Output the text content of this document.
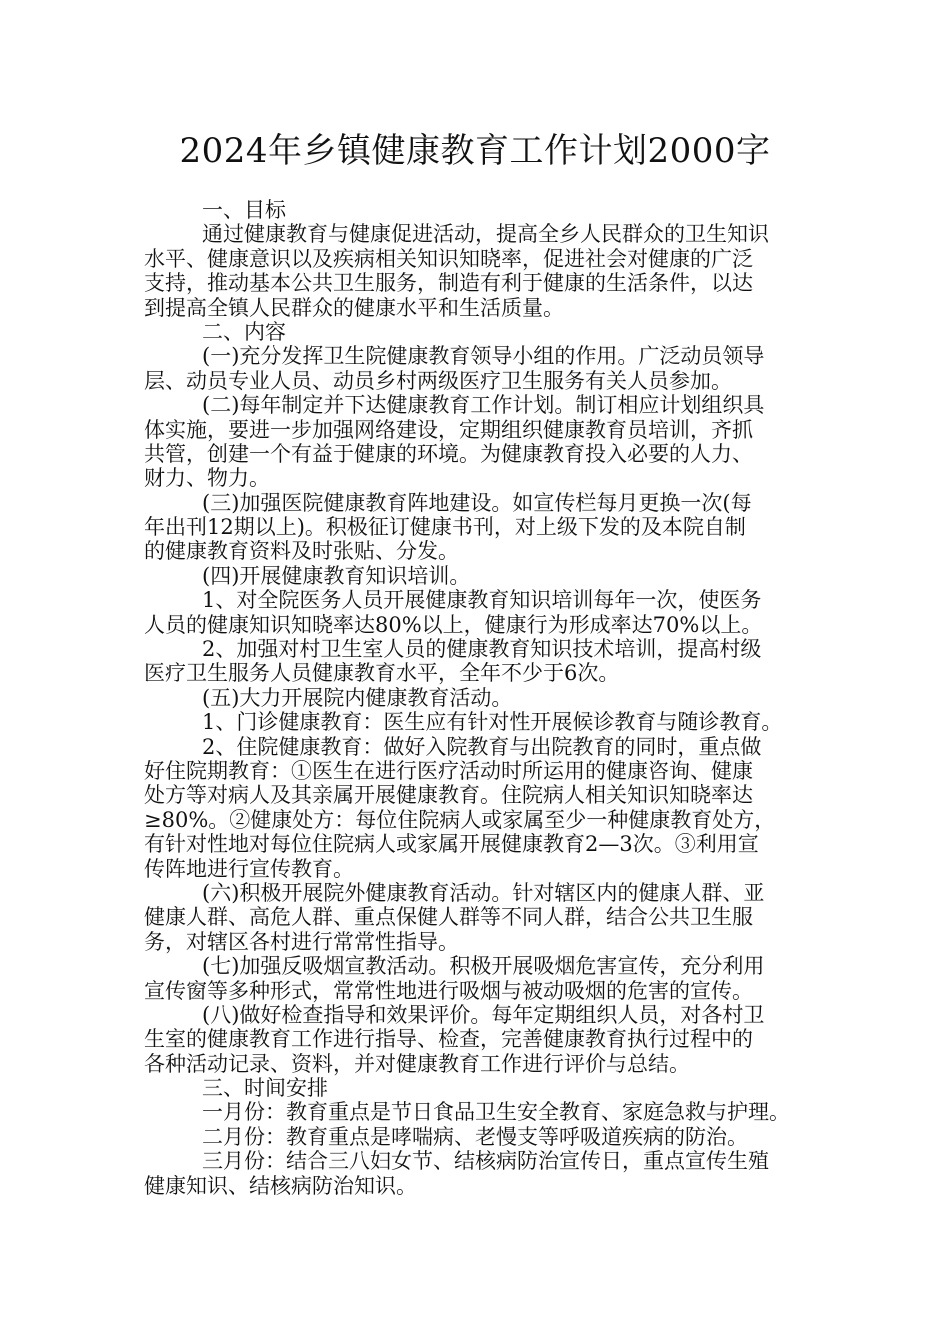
2024年乡镇健康教育工作计划2000字
一、目标
通过健康教育与健康促进活动，提高全乡人民群众的卫生知识
水平、健康意识以及疾病相关知识知晓率，促进社会对健康的广泛
支持，推动基本公共卫生服务，制造有利于健康的生活条件，以达
到提高全镇人民群众的健康水平和生活质量。
二、内容
(一)充分发挥卫生院健康教育领导小组的作用。广泛动员领导
层、动员专业人员、动员乡村两级医疗卫生服务有关人员参加。
(二)每年制定并下达健康教育工作计划。制订相应计划组织具
体实施，要进一步加强网络建设，定期组织健康教育员培训，齐抓
共管，创建一个有益于健康的环境。为健康教育投入必要的人力、
财力、物力。
(三)加强医院健康教育阵地建设。如宣传栏每月更换一次(每
年出刊12期以上)。积极征订健康书刊，对上级下发的及本院自制
的健康教育资料及时张贴、分发。
(四)开展健康教育知识培训。
1、对全院医务人员开展健康教育知识培训每年一次，使医务
人员的健康知识知晓率达80%以上，健康行为形成率达70%以上。
2、加强对村卫生室人员的健康教育知识技术培训，提高村级
医疗卫生服务人员健康教育水平，全年不少于6次。
(五)大力开展院内健康教育活动。
1、门诊健康教育：医生应有针对性开展候诊教育与随诊教育。
2、住院健康教育：做好入院教育与出院教育的同时，重点做
好住院期教育：①医生在进行医疗活动时所运用的健康咨询、健康
处方等对病人及其亲属开展健康教育。住院病人相关知识知晓率达
≥80%。②健康处方：每位住院病人或家属至少一种健康教育处方，
有针对性地对每位住院病人或家属开展健康教育2—3次。③利用宣
传阵地进行宣传教育。
(六)积极开展院外健康教育活动。针对辖区内的健康人群、亚
健康人群、高危人群、重点保健人群等不同人群，结合公共卫生服
务，对辖区各村进行常常性指导。
(七)加强反吸烟宣教活动。积极开展吸烟危害宣传，充分利用
宣传窗等多种形式，常常性地进行吸烟与被动吸烟的危害的宣传。
(八)做好检查指导和效果评价。每年定期组织人员，对各村卫
生室的健康教育工作进行指导、检查，完善健康教育执行过程中的
各种活动记录、资料，并对健康教育工作进行评价与总结。
三、时间安排
一月份：教育重点是节日食品卫生安全教育、家庭急救与护理。
二月份：教育重点是哮喘病、老慢支等呼吸道疾病的防治。
三月份：结合三八妇女节、结核病防治宣传日，重点宣传生殖
健康知识、结核病防治知识。
